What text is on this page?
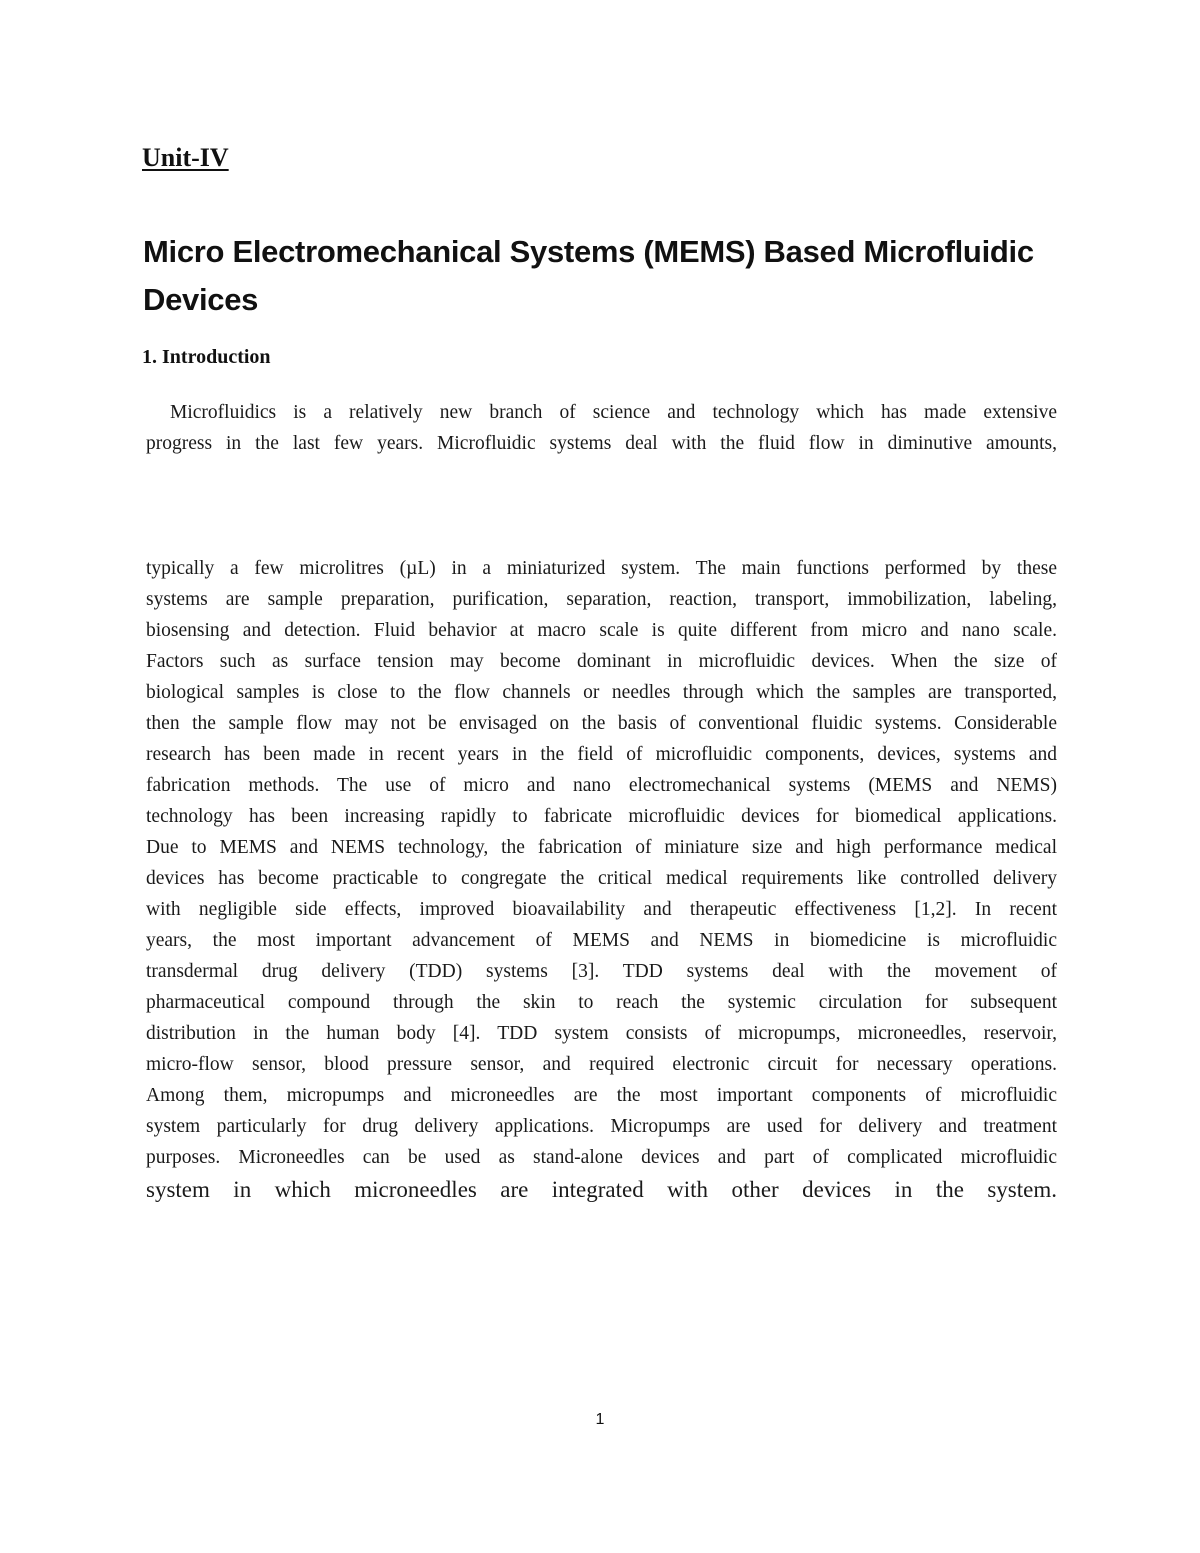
Unit-IV
Micro Electromechanical Systems (MEMS) Based Microfluidic
Devices
1. Introduction
Microfluidics is a relatively new branch of science and technology which has made extensive
progress in the last few years. Microfluidic systems deal with the fluid flow in diminutive amounts,
typically a few microlitres (µL) in a miniaturized system. The main functions performed by these
systems are sample preparation, purification, separation, reaction, transport, immobilization, labeling,
biosensing and detection. Fluid behavior at macro scale is quite different from micro and nano scale.
Factors such as surface tension may become dominant in microfluidic devices. When the size of
biological samples is close to the flow channels or needles through which the samples are transported,
then the sample flow may not be envisaged on the basis of conventional fluidic systems. Considerable
research has been made in recent years in the field of microfluidic components, devices, systems and
fabrication methods. The use of micro and nano electromechanical systems (MEMS and NEMS)
technology has been increasing rapidly to fabricate microfluidic devices for biomedical applications.
Due to MEMS and NEMS technology, the fabrication of miniature size and high performance medical
devices has become practicable to congregate the critical medical requirements like controlled delivery
with negligible side effects, improved bioavailability and therapeutic effectiveness [1,2]. In recent
years, the most important advancement of MEMS and NEMS in biomedicine is microfluidic
transdermal drug delivery (TDD) systems [3]. TDD systems deal with the movement of
pharmaceutical compound through the skin to reach the systemic circulation for subsequent
distribution in the human body [4]. TDD system consists of micropumps, microneedles, reservoir,
micro-flow sensor, blood pressure sensor, and required electronic circuit for necessary operations.
Among them, micropumps and microneedles are the most important components of microfluidic
system particularly for drug delivery applications. Micropumps are used for delivery and treatment
purposes. Microneedles can be used as stand-alone devices and part of complicated microfluidic
system in which microneedles are integrated with other devices in the system.

1
